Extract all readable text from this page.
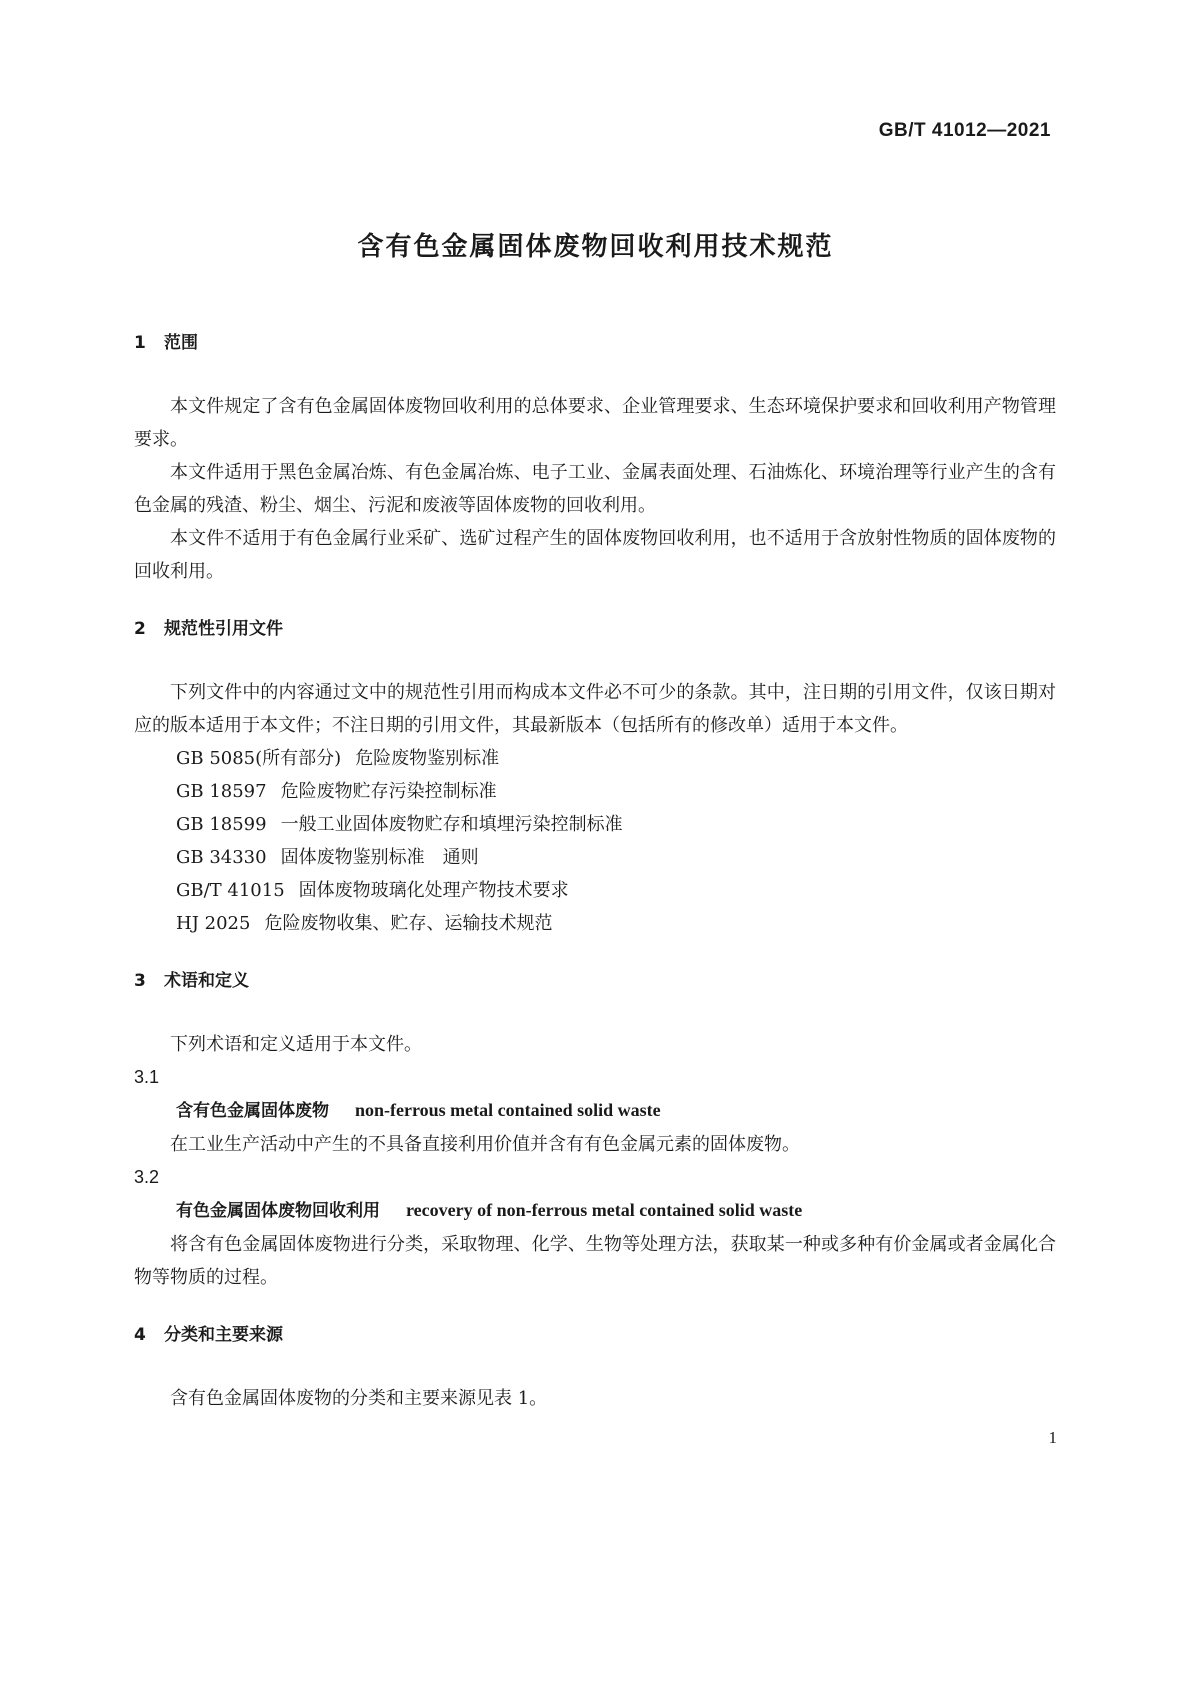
GB/T 41012—2021
含有色金属固体废物回收利用技术规范
1 范围

本文件规定了含有色金属固体废物回收利用的总体要求、企业管理要求、生态环境保护要求和回收利用产物管理要求。

本文件适用于黑色金属冶炼、有色金属冶炼、电子工业、金属表面处理、石油炼化、环境治理等行业产生的含有色金属的残渣、粉尘、烟尘、污泥和废液等固体废物的回收利用。

本文件不适用于有色金属行业采矿、选矿过程产生的固体废物回收利用，也不适用于含放射性物质的固体废物的回收利用。

2 规范性引用文件

下列文件中的内容通过文中的规范性引用而构成本文件必不可少的条款。其中，注日期的引用文件，仅该日期对应的版本适用于本文件；不注日期的引用文件，其最新版本（包括所有的修改单）适用于本文件。

GB 5085(所有部分) 危险废物鉴别标准
GB 18597 危险废物贮存污染控制标准
GB 18599 一般工业固体废物贮存和填埋污染控制标准
GB 34330 固体废物鉴别标准　通则
GB/T 41015 固体废物玻璃化处理产物技术要求
HJ 2025 危险废物收集、贮存、运输技术规范
3 术语和定义

下列术语和定义适用于本文件。

3.1
含有色金属固体废物 non-ferrous metal contained solid waste

在工业生产活动中产生的不具备直接利用价值并含有有色金属元素的固体废物。

3.2
有色金属固体废物回收利用 recovery of non-ferrous metal contained solid waste

将含有色金属固体废物进行分类，采取物理、化学、生物等处理方法，获取某一种或多种有价金属或者金属化合物等物质的过程。

4 分类和主要来源

含有色金属固体废物的分类和主要来源见表 1。

1
